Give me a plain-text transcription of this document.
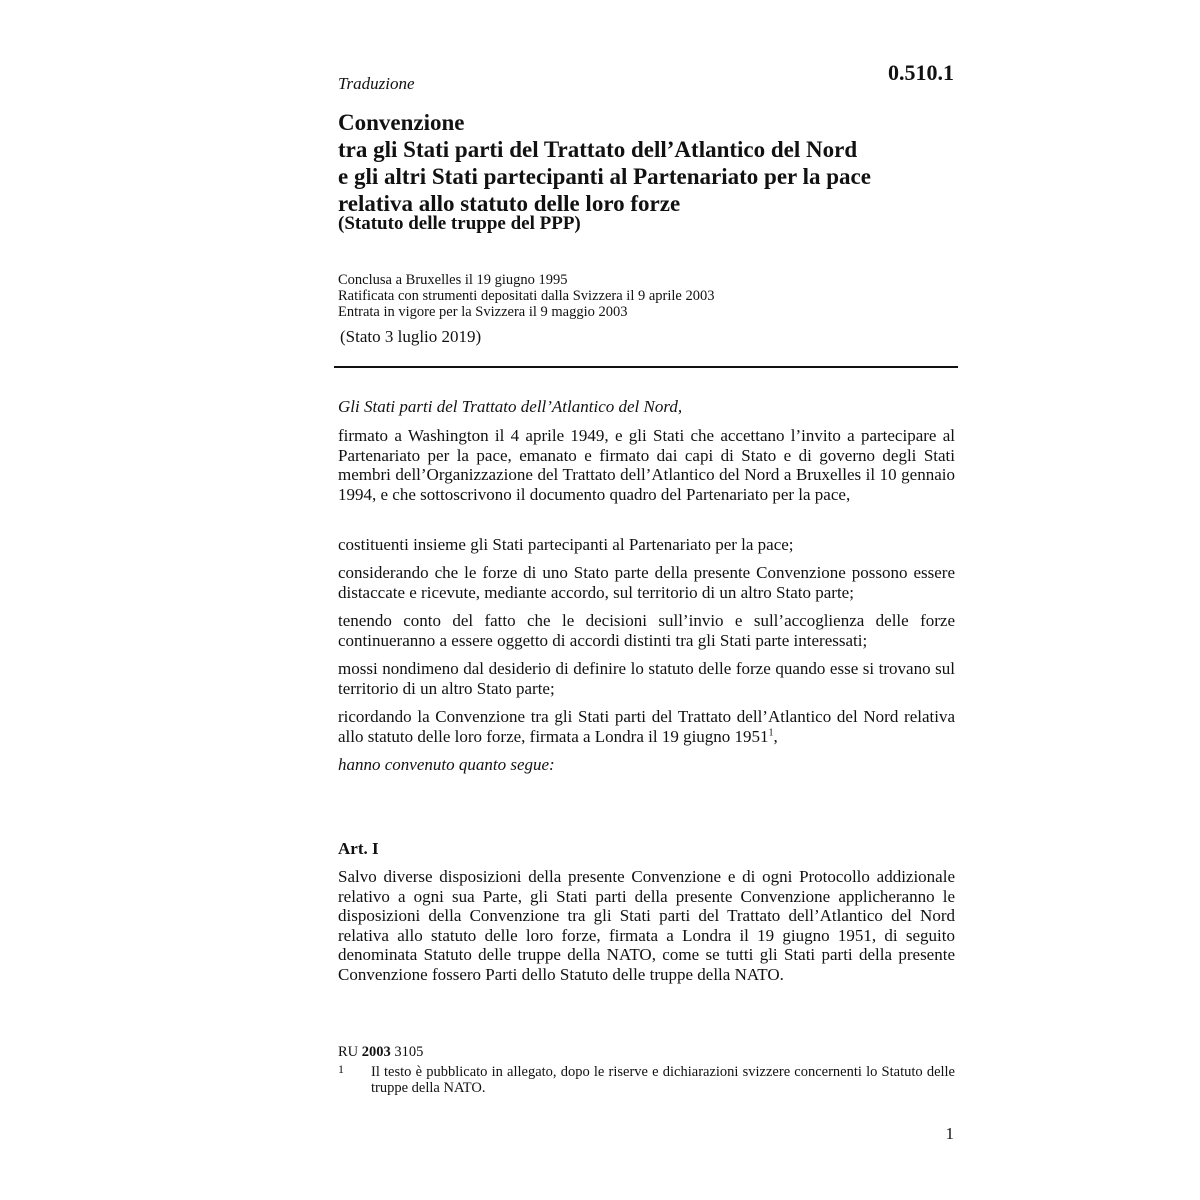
Traduzione	0.510.1
Convenzione
tra gli Stati parti del Trattato dell’Atlantico del Nord
e gli altri Stati partecipanti al Partenariato per la pace
relativa allo statuto delle loro forze
(Statuto delle truppe del PPP)
Conclusa a Bruxelles il 19 giugno 1995
Ratificata con strumenti depositati dalla Svizzera il 9 aprile 2003
Entrata in vigore per la Svizzera il 9 maggio 2003
(Stato 3 luglio 2019)
Gli Stati parti del Trattato dell’Atlantico del Nord,
firmato a Washington il 4 aprile 1949, e gli Stati che accettano l’invito a partecipare al Partenariato per la pace, emanato e firmato dai capi di Stato e di governo degli Stati membri dell’Organizzazione del Trattato dell’Atlantico del Nord a Bruxelles il 10 gennaio 1994, e che sottoscrivono il documento quadro del Partenariato per la pace,
costituenti insieme gli Stati partecipanti al Partenariato per la pace;
considerando che le forze di uno Stato parte della presente Convenzione possono essere distaccate e ricevute, mediante accordo, sul territorio di un altro Stato parte;
tenendo conto del fatto che le decisioni sull’invio e sull’accoglienza delle forze continueranno a essere oggetto di accordi distinti tra gli Stati parte interessati;
mossi nondimeno dal desiderio di definire lo statuto delle forze quando esse si trovano sul territorio di un altro Stato parte;
ricordando la Convenzione tra gli Stati parti del Trattato dell’Atlantico del Nord relativa allo statuto delle loro forze, firmata a Londra il 19 giugno 1951$^1$,
hanno convenuto quanto segue:
Art. I
Salvo diverse disposizioni della presente Convenzione e di ogni Protocollo addizionale relativo a ogni sua Parte, gli Stati parti della presente Convenzione applicheranno le disposizioni della Convenzione tra gli Stati parti del Trattato dell’Atlantico del Nord relativa allo statuto delle loro forze, firmata a Londra il 19 giugno 1951, di seguito denominata Statuto delle truppe della NATO, come se tutti gli Stati parti della presente Convenzione fossero Parti dello Statuto delle truppe della NATO.
RU 2003 3105
1 Il testo è pubblicato in allegato, dopo le riserve e dichiarazioni svizzere concernenti lo Statuto delle truppe della NATO.
1
